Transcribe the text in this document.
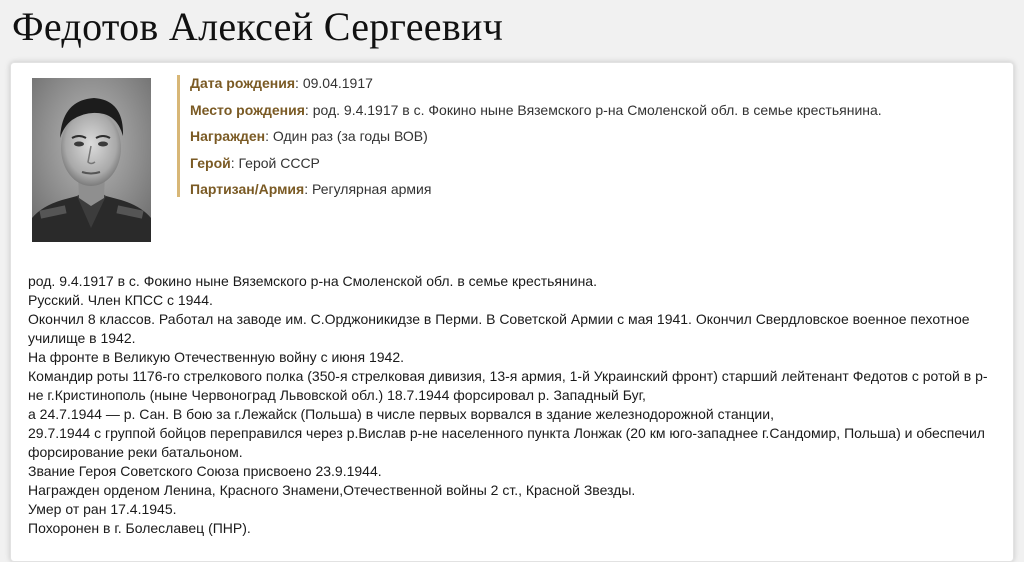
Федотов Алексей Сергеевич
Дата рождения: 09.04.1917
Место рождения: род. 9.4.1917 в с. Фокино ныне Вяземского р-на Смоленской обл. в семье крестьянина.
Награжден: Один раз (за годы ВОВ)
Герой: Герой СССР
Партизан/Армия: Регулярная армия
род. 9.4.1917 в с. Фокино ныне Вяземского р-на Смоленской обл. в семье крестьянина.
Русский. Член КПСС с 1944.
Окончил 8 классов. Работал на заводе им. С.Орджоникидзе в Перми. В Советской Армии с мая 1941. Окончил Свердловское военное пехотное училище в 1942.
На фронте в Великую Отечественную войну с июня 1942.
Командир роты 1176-го стрелкового полка (350-я стрелковая дивизия, 13-я армия, 1-й Украинский фронт) старший лейтенант Федотов с ротой в р-не г.Кристинополь (ныне Червоноград Львовской обл.) 18.7.1944 форсировал р. Западный Буг,
а 24.7.1944 — р. Сан. В бою за г.Лежайск (Польша) в числе первых ворвался в здание железнодорожной станции,
29.7.1944 с группой бойцов переправился через р.Вислав р-не населенного пункта Лонжак (20 км юго-западнее г.Сандомир, Польша) и обеспечил форсирование реки батальоном.
Звание Героя Советского Союза присвоено 23.9.1944.
Награжден орденом Ленина, Красного Знамени,Отечественной войны 2 ст., Красной Звезды.
Умер от ран 17.4.1945.
Похоронен в г. Болеславец (ПНР).
